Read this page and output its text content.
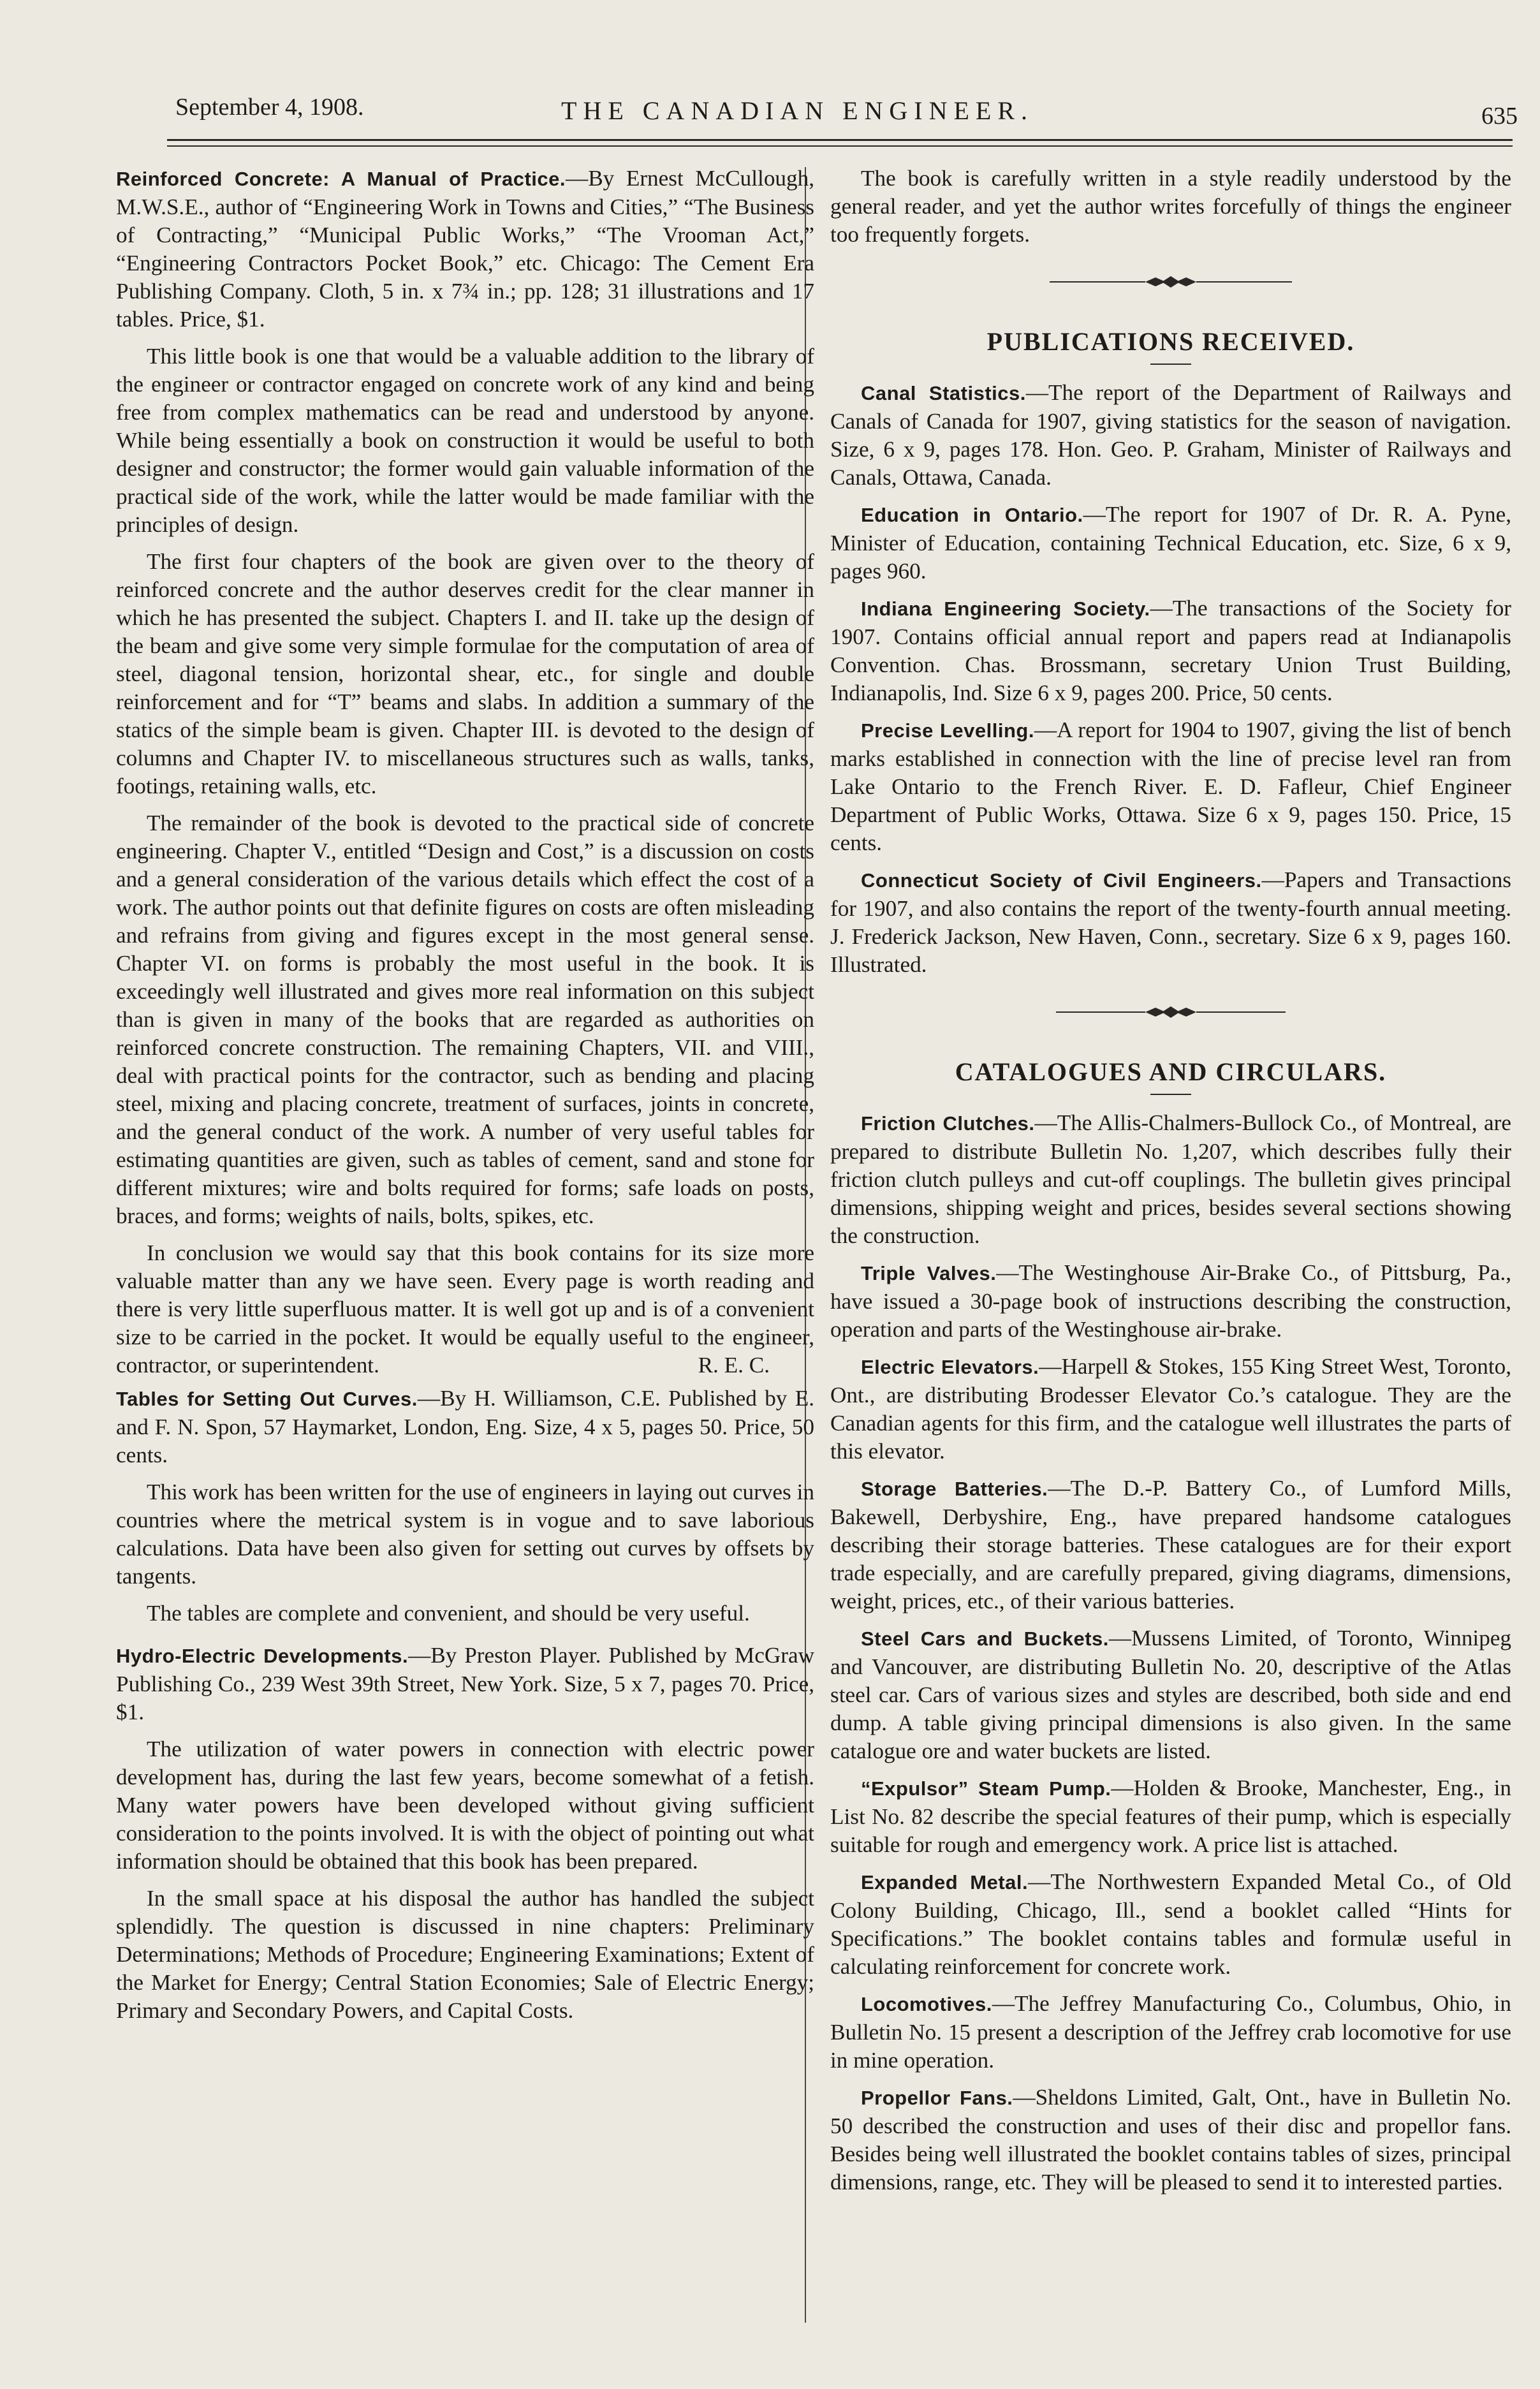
September 4, 1908.	THE CANADIAN ENGINEER.	635

Reinforced Concrete: A Manual of Practice.—By Ernest McCullough, M.W.S.E., author of “Engineering Work in Towns and Cities,” “The Business of Contracting,” “Municipal Public Works,” “The Vrooman Act,” “Engineering Contractors Pocket Book,” etc. Chicago: The Cement Era Publishing Company. Cloth, 5 in. x 7¾ in.; pp. 128; 31 illustrations and 17 tables. Price, $1.

This little book is one that would be a valuable addition to the library of the engineer or contractor engaged on concrete work of any kind and being free from complex mathematics can be read and understood by anyone. While being essentially a book on construction it would be useful to both designer and constructor; the former would gain valuable information of the practical side of the work, while the latter would be made familiar with the principles of design.

The first four chapters of the book are given over to the theory of reinforced concrete and the author deserves credit for the clear manner in which he has presented the subject. Chapters I. and II. take up the design of the beam and give some very simple formulae for the computation of area of steel, diagonal tension, horizontal shear, etc., for single and double reinforcement and for “T” beams and slabs. In addition a summary of the statics of the simple beam is given. Chapter III. is devoted to the design of columns and Chapter IV. to miscellaneous structures such as walls, tanks, footings, retaining walls, etc.

The remainder of the book is devoted to the practical side of concrete engineering. Chapter V., entitled “Design and Cost,” is a discussion on costs and a general consideration of the various details which effect the cost of a work. The author points out that definite figures on costs are often misleading and refrains from giving and figures except in the most general sense. Chapter VI. on forms is probably the most useful in the book. It is exceedingly well illustrated and gives more real information on this subject than is given in many of the books that are regarded as authorities on reinforced concrete construction. The remaining Chapters, VII. and VIII., deal with practical points for the contractor, such as bending and placing steel, mixing and placing concrete, treatment of surfaces, joints in concrete, and the general conduct of the work. A number of very useful tables for estimating quantities are given, such as tables of cement, sand and stone for different mixtures; wire and bolts required for forms; safe loads on posts, braces, and forms; weights of nails, bolts, spikes, etc.

In conclusion we would say that this book contains for its size more valuable matter than any we have seen. Every page is worth reading and there is very little superfluous matter. It is well got up and is of a convenient size to be carried in the pocket. It would be equally useful to the engineer, contractor, or superintendent.	R. E. C.

Tables for Setting Out Curves.—By H. Williamson, C.E. Published by E. and F. N. Spon, 57 Haymarket, London, Eng. Size, 4 x 5, pages 50. Price, 50 cents.

This work has been written for the use of engineers in laying out curves in countries where the metrical system is in vogue and to save laborious calculations. Data have been also given for setting out curves by offsets by tangents.

The tables are complete and convenient, and should be very useful.

Hydro-Electric Developments.—By Preston Player. Published by McGraw Publishing Co., 239 West 39th Street, New York. Size, 5 x 7, pages 70. Price, $1.

The utilization of water powers in connection with electric power development has, during the last few years, become somewhat of a fetish. Many water powers have been developed without giving sufficient consideration to the points involved. It is with the object of pointing out what information should be obtained that this book has been prepared.

In the small space at his disposal the author has handled the subject splendidly. The question is discussed in nine chapters: Preliminary Determinations; Methods of Procedure; Engineering Examinations; Extent of the Market for Energy; Central Station Economies; Sale of Electric Energy; Primary and Secondary Powers, and Capital Costs.

The book is carefully written in a style readily understood by the general reader, and yet the author writes forcefully of things the engineer too frequently forgets.

PUBLICATIONS RECEIVED.

Canal Statistics.—The report of the Department of Railways and Canals of Canada for 1907, giving statistics for the season of navigation. Size, 6 x 9, pages 178. Hon. Geo. P. Graham, Minister of Railways and Canals, Ottawa, Canada.

Education in Ontario.—The report for 1907 of Dr. R. A. Pyne, Minister of Education, containing Technical Education, etc. Size, 6 x 9, pages 960.

Indiana Engineering Society.—The transactions of the Society for 1907. Contains official annual report and papers read at Indianapolis Convention. Chas. Brossmann, secretary Union Trust Building, Indianapolis, Ind. Size 6 x 9, pages 200. Price, 50 cents.

Precise Levelling.—A report for 1904 to 1907, giving the list of bench marks established in connection with the line of precise level ran from Lake Ontario to the French River. E. D. Fafleur, Chief Engineer Department of Public Works, Ottawa. Size 6 x 9, pages 150. Price, 15 cents.

Connecticut Society of Civil Engineers.—Papers and Transactions for 1907, and also contains the report of the twenty-fourth annual meeting. J. Frederick Jackson, New Haven, Conn., secretary. Size 6 x 9, pages 160. Illustrated.

CATALOGUES AND CIRCULARS.

Friction Clutches.—The Allis-Chalmers-Bullock Co., of Montreal, are prepared to distribute Bulletin No. 1,207, which describes fully their friction clutch pulleys and cut-off couplings. The bulletin gives principal dimensions, shipping weight and prices, besides several sections showing the construction.

Triple Valves.—The Westinghouse Air-Brake Co., of Pittsburg, Pa., have issued a 30-page book of instructions describing the construction, operation and parts of the Westinghouse air-brake.

Electric Elevators.—Harpell & Stokes, 155 King Street West, Toronto, Ont., are distributing Brodesser Elevator Co.’s catalogue. They are the Canadian agents for this firm, and the catalogue well illustrates the parts of this elevator.

Storage Batteries.—The D.-P. Battery Co., of Lumford Mills, Bakewell, Derbyshire, Eng., have prepared handsome catalogues describing their storage batteries. These catalogues are for their export trade especially, and are carefully prepared, giving diagrams, dimensions, weight, prices, etc., of their various batteries.

Steel Cars and Buckets.—Mussens Limited, of Toronto, Winnipeg and Vancouver, are distributing Bulletin No. 20, descriptive of the Atlas steel car. Cars of various sizes and styles are described, both side and end dump. A table giving principal dimensions is also given. In the same catalogue ore and water buckets are listed.

“Expulsor” Steam Pump.—Holden & Brooke, Manchester, Eng., in List No. 82 describe the special features of their pump, which is especially suitable for rough and emergency work. A price list is attached.

Expanded Metal.—The Northwestern Expanded Metal Co., of Old Colony Building, Chicago, Ill., send a booklet called “Hints for Specifications.” The booklet contains tables and formulæ useful in calculating reinforcement for concrete work.

Locomotives.—The Jeffrey Manufacturing Co., Columbus, Ohio, in Bulletin No. 15 present a description of the Jeffrey crab locomotive for use in mine operation.

Propellor Fans.—Sheldons Limited, Galt, Ont., have in Bulletin No. 50 described the construction and uses of their disc and propellor fans. Besides being well illustrated the booklet contains tables of sizes, principal dimensions, range, etc. They will be pleased to send it to interested parties.
